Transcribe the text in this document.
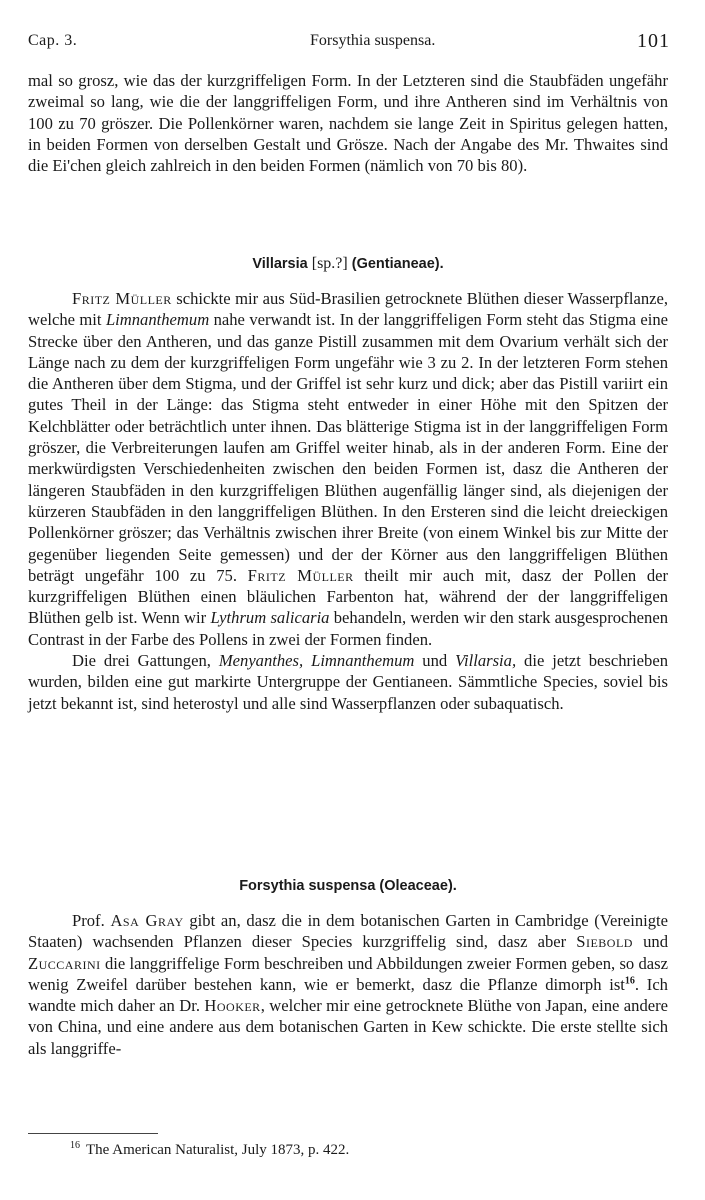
Cap. 3.	Forsythia suspensa.	101

mal so grosz, wie das der kurzgriffeligen Form. In der Letzteren sind die Staubfäden ungefähr zweimal so lang, wie die der langgriffeligen Form, und ihre Antheren sind im Verhältnis von 100 zu 70 gröszer. Die Pollenkörner waren, nachdem sie lange Zeit in Spiritus gelegen hatten, in beiden Formen von derselben Gestalt und Grösze. Nach der Angabe des Mr. Thwaites sind die Ei'chen gleich zahlreich in den beiden Formen (nämlich von 70 bis 80).

Villarsia [sp.?] (Gentianeae).

Fritz Müller schickte mir aus Süd-Brasilien getrocknete Blüthen dieser Wasserpflanze, welche mit Limnanthemum nahe verwandt ist. In der langgriffeligen Form steht das Stigma eine Strecke über den Antheren, und das ganze Pistill zusammen mit dem Ovarium verhält sich der Länge nach zu dem der kurzgriffeligen Form ungefähr wie 3 zu 2. In der letzteren Form stehen die Antheren über dem Stigma, und der Griffel ist sehr kurz und dick; aber das Pistill variirt ein gutes Theil in der Länge: das Stigma steht entweder in einer Höhe mit den Spitzen der Kelchblätter oder beträchtlich unter ihnen. Das blätterige Stigma ist in der langgriffeligen Form gröszer, die Verbreiterungen laufen am Griffel weiter hinab, als in der anderen Form. Eine der merkwürdigsten Verschiedenheiten zwischen den beiden Formen ist, dasz die Antheren der längeren Staubfäden in den kurzgriffeligen Blüthen augenfällig länger sind, als diejenigen der kürzeren Staubfäden in den langgriffeligen Blüthen. In den Ersteren sind die leicht dreieckigen Pollenkörner gröszer; das Verhältnis zwischen ihrer Breite (von einem Winkel bis zur Mitte der gegenüber liegenden Seite gemessen) und der der Körner aus den langgriffeligen Blüthen beträgt ungefähr 100 zu 75. Fritz Müller theilt mir auch mit, dasz der Pollen der kurzgriffeligen Blüthen einen bläulichen Farbenton hat, während der der langgriffeligen Blüthen gelb ist. Wenn wir Lythrum salicaria behandeln, werden wir den stark ausgesprochenen Contrast in der Farbe des Pollens in zwei der Formen finden.

Die drei Gattungen, Menyanthes, Limnanthemum und Villarsia, die jetzt beschrieben wurden, bilden eine gut markirte Untergruppe der Gentianeen. Sämmtliche Species, soviel bis jetzt bekannt ist, sind heterostyl und alle sind Wasserpflanzen oder subaquatisch.

Forsythia suspensa (Oleaceae).

Prof. Asa Gray gibt an, dasz die in dem botanischen Garten in Cambridge (Vereinigte Staaten) wachsenden Pflanzen dieser Species kurzgriffelig sind, dasz aber Siebold und Zuccarini die langgriffelige Form beschreiben und Abbildungen zweier Formen geben, so dasz wenig Zweifel darüber bestehen kann, wie er bemerkt, dasz die Pflanze dimorph ist$^{16}$. Ich wandte mich daher an Dr. Hooker, welcher mir eine getrocknete Blüthe von Japan, eine andere von China, und eine andere aus dem botanischen Garten in Kew schickte. Die erste stellte sich als langgriffe-

$^{16}$ The American Naturalist, July 1873, p. 422.
